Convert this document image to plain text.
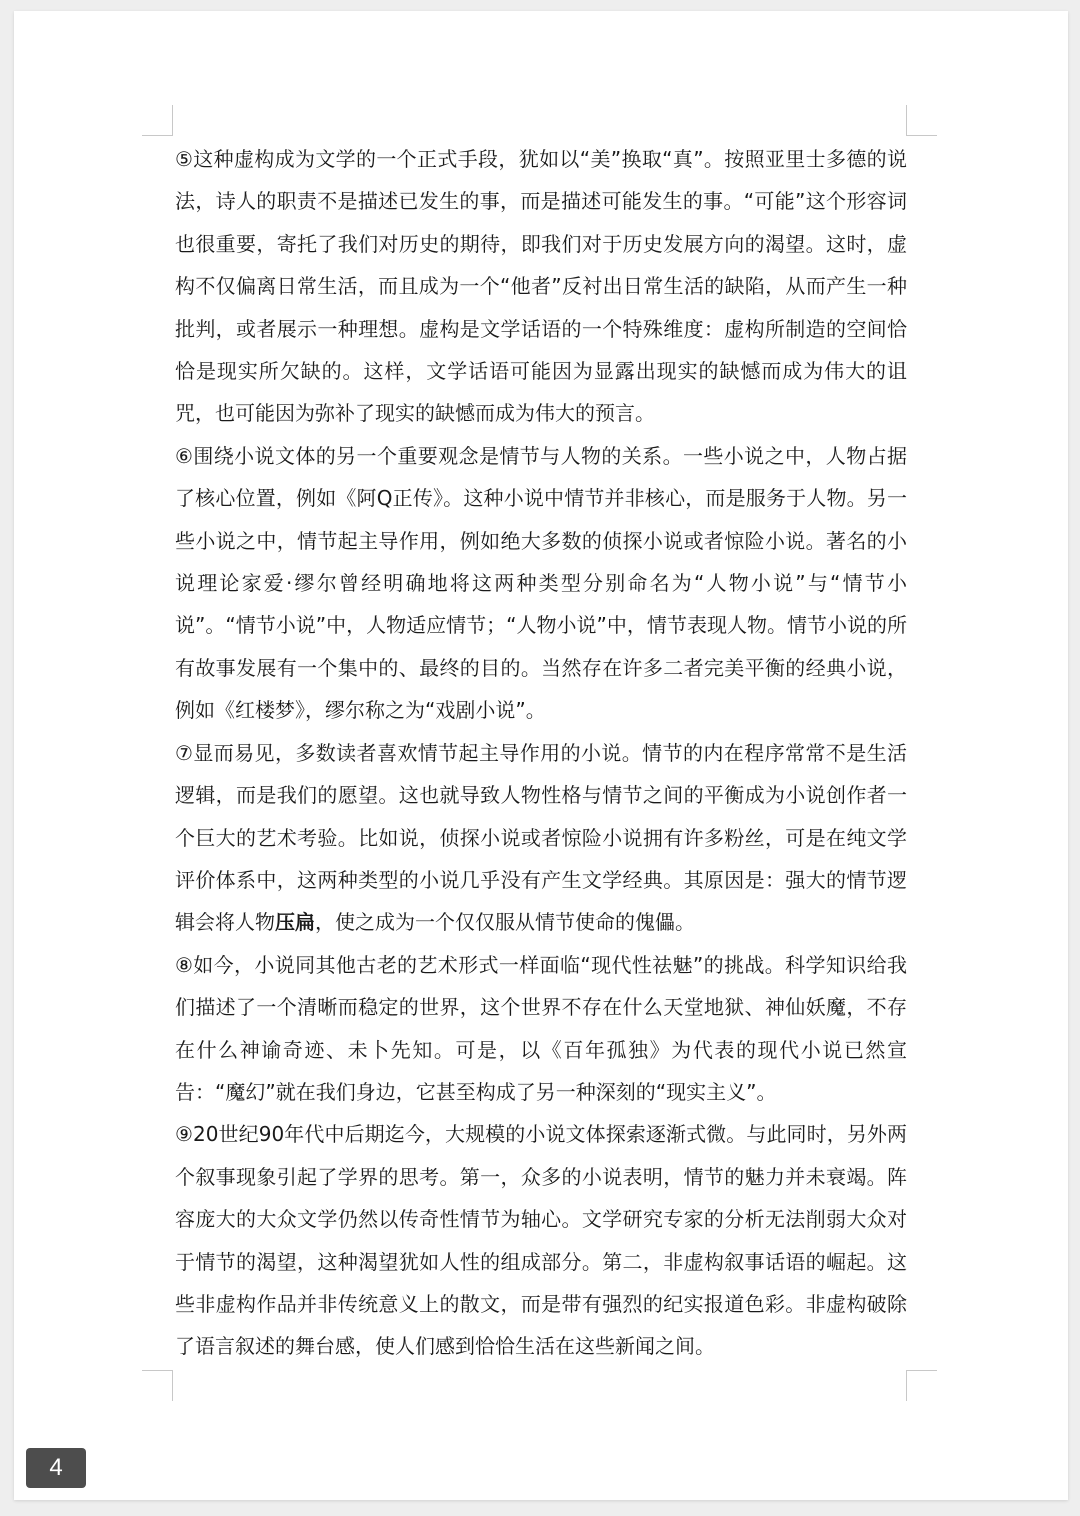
⑤这种虚构成为文学的一个正式手段，犹如以“美”换取“真”。按照亚里士多德的说法，诗人的职责不是描述已发生的事，而是描述可能发生的事。“可能”这个形容词也很重要，寄托了我们对历史的期待，即我们对于历史发展方向的渴望。这时，虚构不仅偏离日常生活，而且成为一个“他者”反衬出日常生活的缺陷，从而产生一种批判，或者展示一种理想。虚构是文学话语的一个特殊维度：虚构所制造的空间恰恰是现实所欠缺的。这样，文学话语可能因为显露出现实的缺憾而成为伟大的诅咒，也可能因为弥补了现实的缺憾而成为伟大的预言。

⑥围绕小说文体的另一个重要观念是情节与人物的关系。一些小说之中，人物占据了核心位置，例如《阿Q正传》。这种小说中情节并非核心，而是服务于人物。另一些小说之中，情节起主导作用，例如绝大多数的侦探小说或者惊险小说。著名的小说理论家爱·缪尔曾经明确地将这两种类型分别命名为“人物小说”与“情节小说”。“情节小说”中，人物适应情节；“人物小说”中，情节表现人物。情节小说的所有故事发展有一个集中的、最终的目的。当然存在许多二者完美平衡的经典小说，例如《红楼梦》，缪尔称之为“戏剧小说”。

⑦显而易见，多数读者喜欢情节起主导作用的小说。情节的内在程序常常不是生活逻辑，而是我们的愿望。这也就导致人物性格与情节之间的平衡成为小说创作者一个巨大的艺术考验。比如说，侦探小说或者惊险小说拥有许多粉丝，可是在纯文学评价体系中，这两种类型的小说几乎没有产生文学经典。其原因是：强大的情节逻辑会将人物压扁，使之成为一个仅仅服从情节使命的傀儡。

⑧如今，小说同其他古老的艺术形式一样面临“现代性祛魅”的挑战。科学知识给我们描述了一个清晰而稳定的世界，这个世界不存在什么天堂地狱、神仙妖魔，不存在什么神谕奇迹、未卜先知。可是，以《百年孤独》为代表的现代小说已然宣告：“魔幻”就在我们身边，它甚至构成了另一种深刻的“现实主义”。

⑨20世纪90年代中后期迄今，大规模的小说文体探索逐渐式微。与此同时，另外两个叙事现象引起了学界的思考。第一，众多的小说表明，情节的魅力并未衰竭。阵容庞大的大众文学仍然以传奇性情节为轴心。文学研究专家的分析无法削弱大众对于情节的渴望，这种渴望犹如人性的组成部分。第二，非虚构叙事话语的崛起。这些非虚构作品并非传统意义上的散文，而是带有强烈的纪实报道色彩。非虚构破除了语言叙述的舞台感，使人们感到恰恰生活在这些新闻之间。

4
